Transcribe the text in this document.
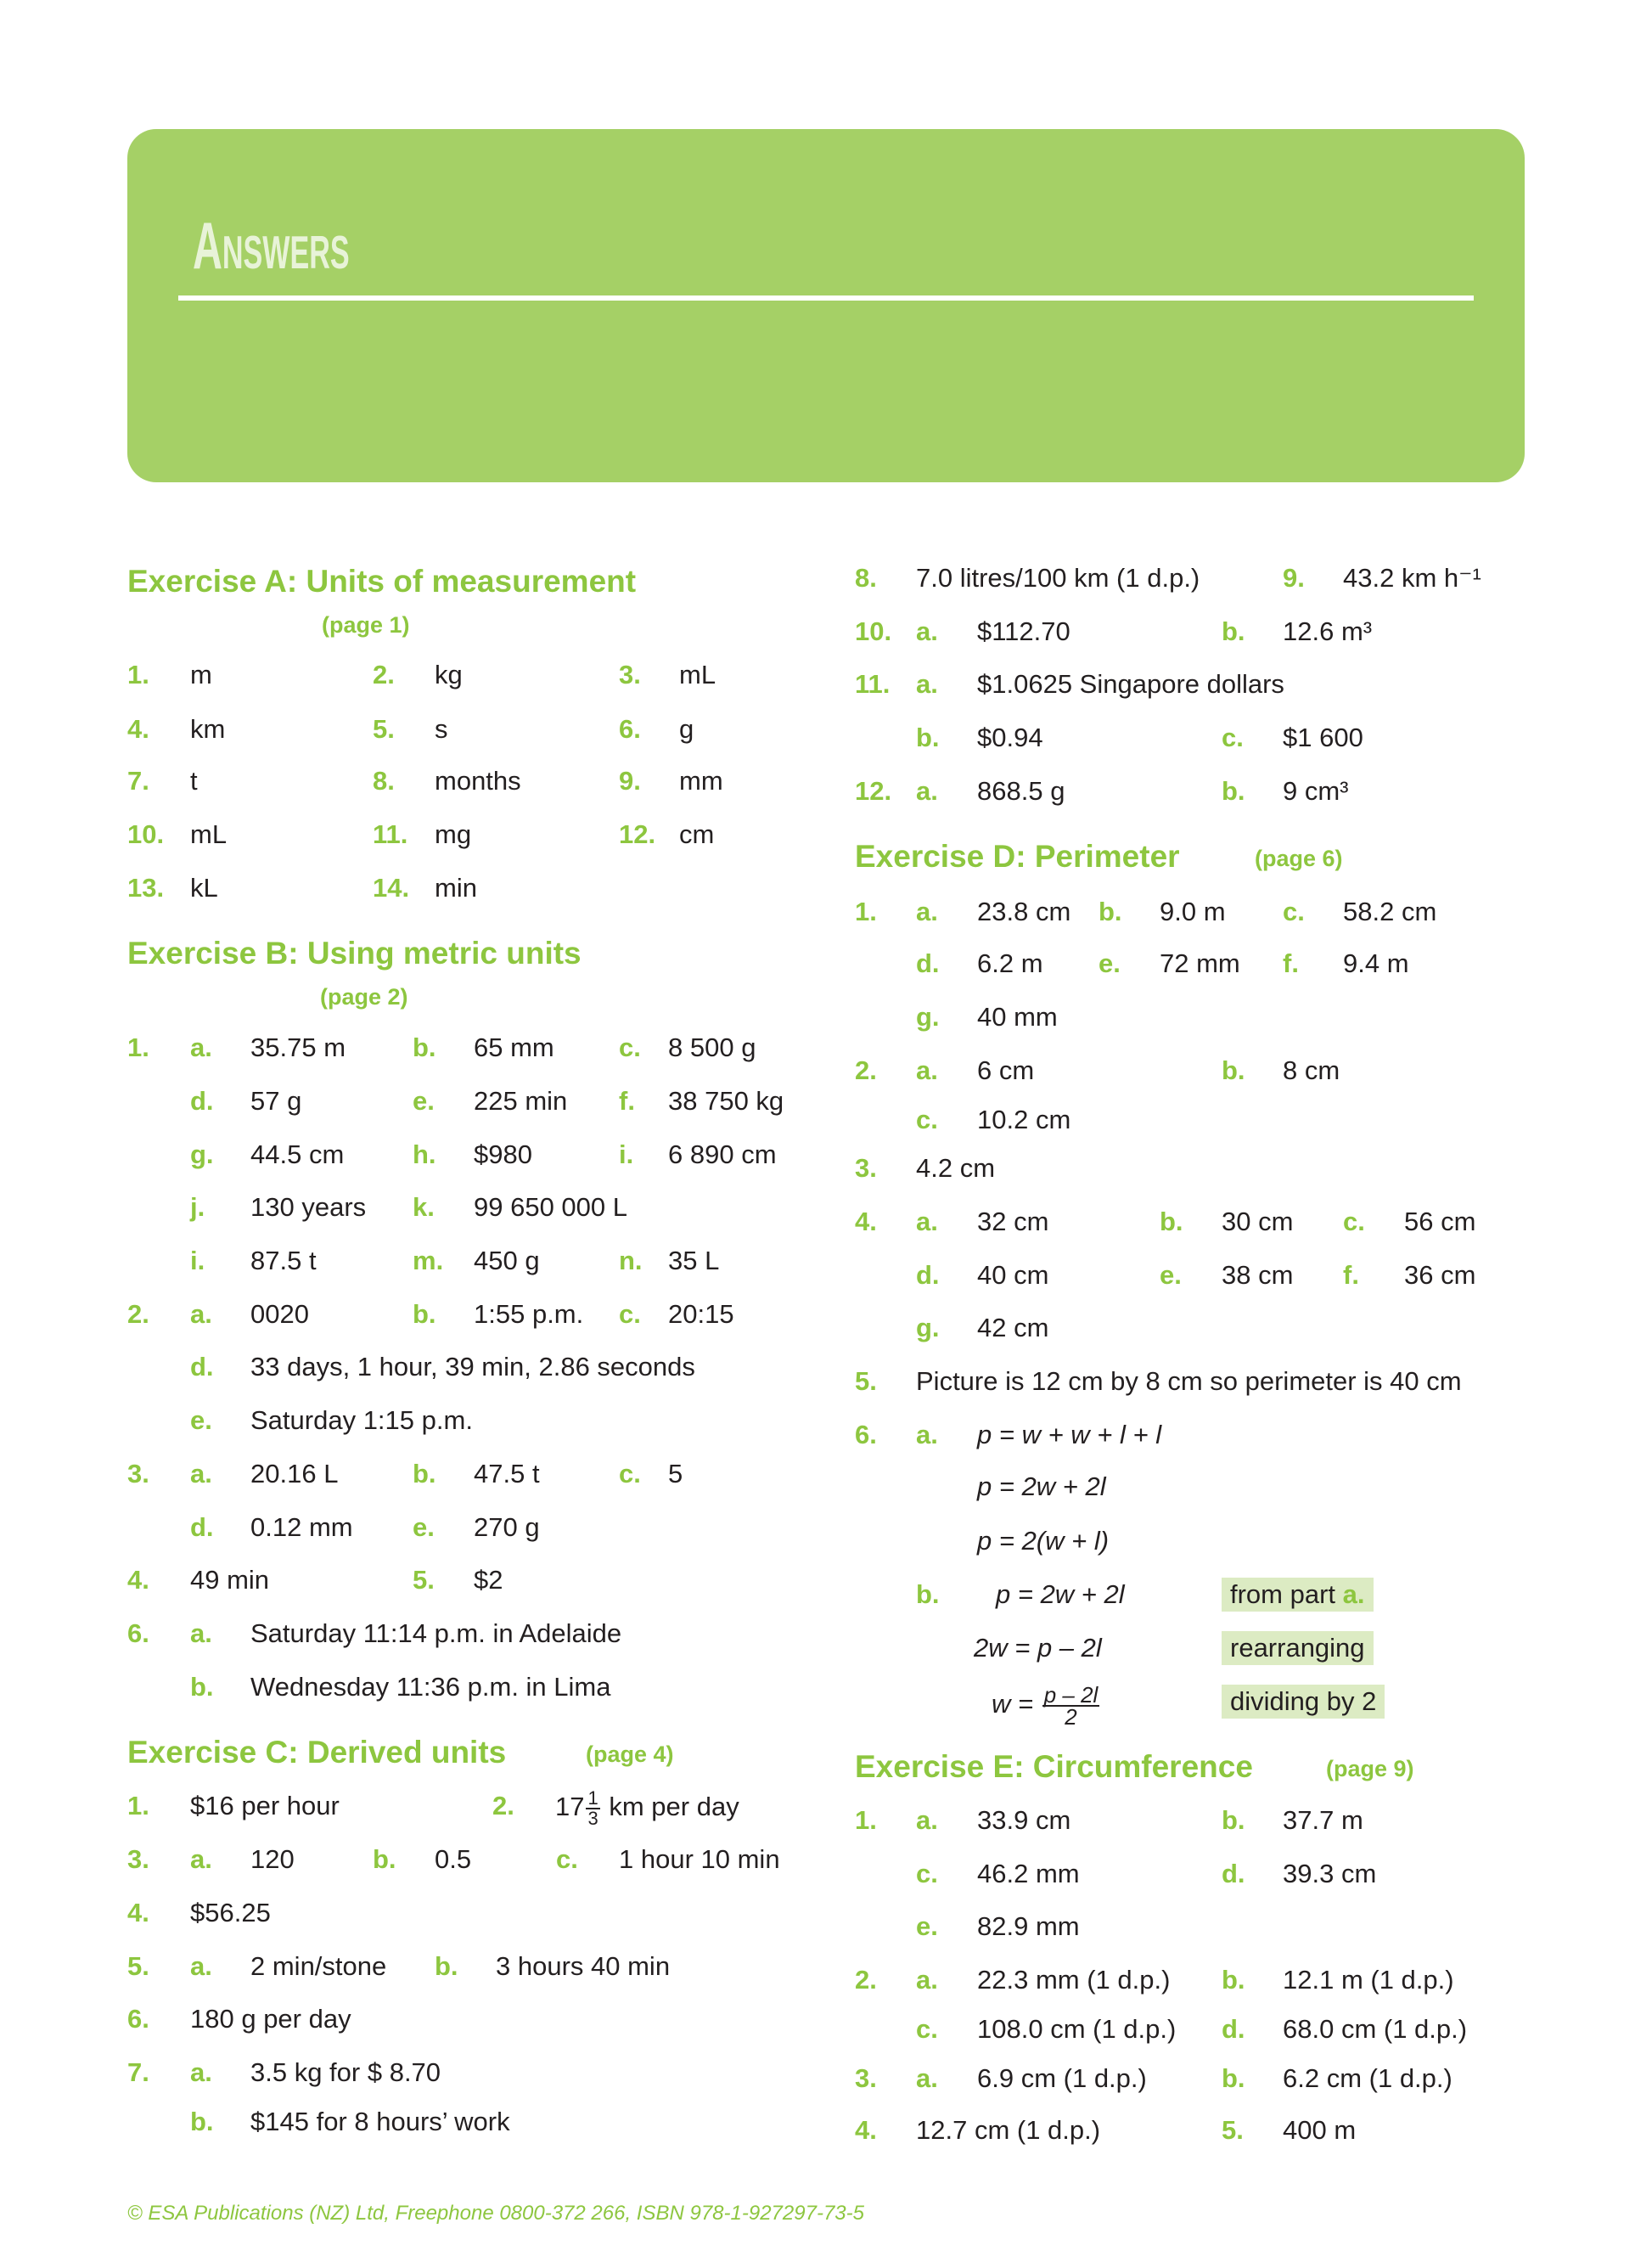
Answers
Exercise A: Units of measurement
(page 1)
1. m	2. kg	3. mL
4. km	5. s	6. g
7. t	8. months	9. mm
10. mL	11. mg	12. cm
13. kL	14. min
Exercise B: Using metric units
(page 2)
1. a. 35.75 m	b. 65 mm c. 8 500 g
d. 57 g	e. 225 min f. 38 750 kg
g. 44.5 cm	h. $980	i. 6 890 cm
j. 130 years k. 99 650 000 L
i. 87.5 t	m. 450 g	n. 35 L
2. a. 0020	b. 1:55 p.m. c. 20:15
d. 33 days, 1 hour, 39 min, 2.86 seconds
e. Saturday 1:15 p.m.
3. a. 20.16 L	b. 47.5 t	c. 5
d. 0.12 mm e. 270 g
4. 49 min	5. $2
6. a. Saturday 11:14 p.m. in Adelaide
b. Wednesday 11:36 p.m. in Lima
Exercise C: Derived units	(page 4)
1. $16 per hour	2. $17 \frac{1}{3}$ km per day
3. a. 120	b. 0.5	c. 1 hour 10 min
4. $56.25
5. a. 2 min/stone b. 3 hours 40 min
6. 180 g per day
7. a. 3.5 kg for $ 8.70
b. $145 for 8 hours’ work
8. 7.0 litres/100 km (1 d.p.)	9. 43.2 km h⁻¹
10. a. $112.70	b. 12.6 m³
11. a. $1.0625 Singapore dollars
b. $0.94	c. $1 600
12. a. 868.5 g	b. 9 cm³
Exercise D: Perimeter	(page 6)
1. a. 23.8 cm b. 9.0 m c. 58.2 cm
d. 6.2 m e. 72 mm f. 9.4 m
g. 40 mm
2. a. 6 cm	b. 8 cm
c. 10.2 cm
3. 4.2 cm
4. a. 32 cm	b. 30 cm c. 56 cm
d. 40 cm	e. 38 cm f. 36 cm
g. 42 cm
5. Picture is 12 cm by 8 cm so perimeter is 40 cm
6. a. p = w + w + l + l
p = 2w + 2l
p = 2(w + l)
b. p = 2w + 2l	from part a.
2w = p – 2l	rearranging
$w = \frac{p - 2l}{2}$	dividing by 2
Exercise E: Circumference	(page 9)
1. a. 33.9 cm	b. 37.7 m
c. 46.2 mm	d. 39.3 cm
e. 82.9 mm
2. a. 22.3 mm (1 d.p.) b. 12.1 m (1 d.p.)
c. 108.0 cm (1 d.p.) d. 68.0 cm (1 d.p.)
3. a. 6.9 cm (1 d.p.)	b. 6.2 cm (1 d.p.)
4. 12.7 cm (1 d.p.)	5. 400 m
© ESA Publications (NZ) Ltd, Freephone 0800-372 266, ISBN 978-1-927297-73-5
